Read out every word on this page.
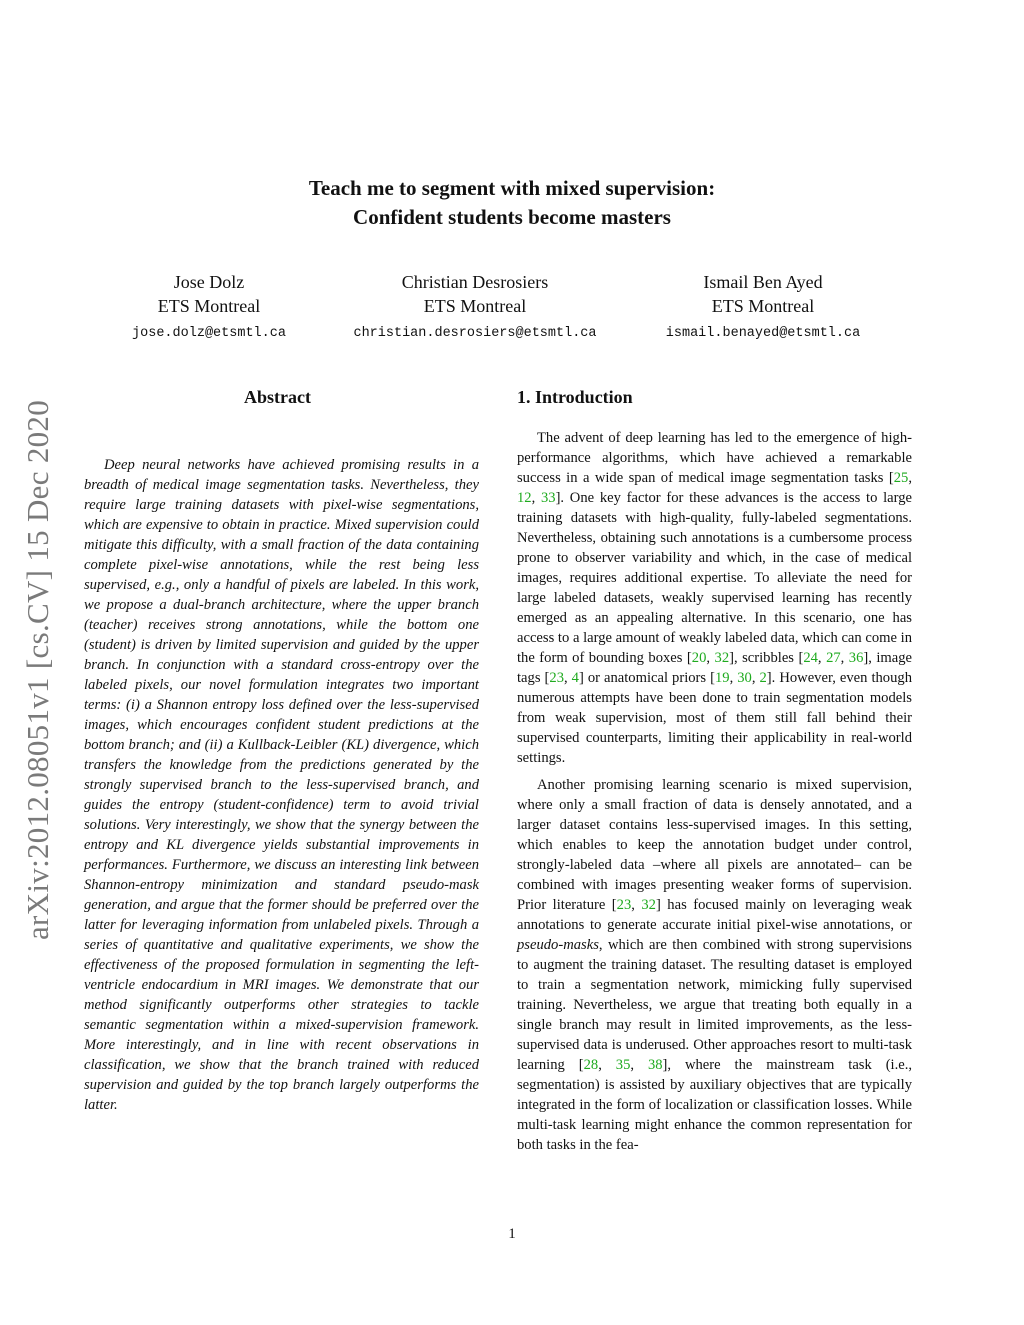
arXiv:2012.08051v1 [cs.CV] 15 Dec 2020
Teach me to segment with mixed supervision:
Confident students become masters
Jose Dolz
ETS Montreal
jose.dolz@etsmtl.ca
Christian Desrosiers
ETS Montreal
christian.desrosiers@etsmtl.ca
Ismail Ben Ayed
ETS Montreal
ismail.benayed@etsmtl.ca
Abstract

Deep neural networks have achieved promising results in a breadth of medical image segmentation tasks. Nevertheless, they require large training datasets with pixel-wise segmentations, which are expensive to obtain in practice. Mixed supervision could mitigate this difficulty, with a small fraction of the data containing complete pixel-wise annotations, while the rest being less supervised, e.g., only a handful of pixels are labeled. In this work, we propose a dual-branch architecture, where the upper branch (teacher) receives strong annotations, while the bottom one (student) is driven by limited supervision and guided by the upper branch. In conjunction with a standard cross-entropy over the labeled pixels, our novel formulation integrates two important terms: (i) a Shannon entropy loss defined over the less-supervised images, which encourages confident student predictions at the bottom branch; and (ii) a Kullback-Leibler (KL) divergence, which transfers the knowledge from the predictions generated by the strongly supervised branch to the less-supervised branch, and guides the entropy (student-confidence) term to avoid trivial solutions. Very interestingly, we show that the synergy between the entropy and KL divergence yields substantial improvements in performances. Furthermore, we discuss an interesting link between Shannon-entropy minimization and standard pseudo-mask generation, and argue that the former should be preferred over the latter for leveraging information from unlabeled pixels. Through a series of quantitative and qualitative experiments, we show the effectiveness of the proposed formulation in segmenting the left-ventricle endocardium in MRI images. We demonstrate that our method significantly outperforms other strategies to tackle semantic segmentation within a mixed-supervision framework. More interestingly, and in line with recent observations in classification, we show that the branch trained with reduced supervision and guided by the top branch largely outperforms the latter.

1. Introduction

The advent of deep learning has led to the emergence of high-performance algorithms, which have achieved a remarkable success in a wide span of medical image segmentation tasks [25, 12, 33]. One key factor for these advances is the access to large training datasets with high-quality, fully-labeled segmentations. Nevertheless, obtaining such annotations is a cumbersome process prone to observer variability and which, in the case of medical images, requires additional expertise. To alleviate the need for large labeled datasets, weakly supervised learning has recently emerged as an appealing alternative. In this scenario, one has access to a large amount of weakly labeled data, which can come in the form of bounding boxes [20, 32], scribbles [24, 27, 36], image tags [23, 4] or anatomical priors [19, 30, 2]. However, even though numerous attempts have been done to train segmentation models from weak supervision, most of them still fall behind their supervised counterparts, limiting their applicability in real-world settings.

Another promising learning scenario is mixed supervision, where only a small fraction of data is densely annotated, and a larger dataset contains less-supervised images. In this setting, which enables to keep the annotation budget under control, strongly-labeled data –where all pixels are annotated– can be combined with images presenting weaker forms of supervision. Prior literature [23, 32] has focused mainly on leveraging weak annotations to generate accurate initial pixel-wise annotations, or pseudo-masks, which are then combined with strong supervisions to augment the training dataset. The resulting dataset is employed to train a segmentation network, mimicking fully supervised training. Nevertheless, we argue that treating both equally in a single branch may result in limited improvements, as the less-supervised data is underused. Other approaches resort to multi-task learning [28, 35, 38], where the mainstream task (i.e., segmentation) is assisted by auxiliary objectives that are typically integrated in the form of localization or classification losses. While multi-task learning might enhance the common representation for both tasks in the fea-

1
